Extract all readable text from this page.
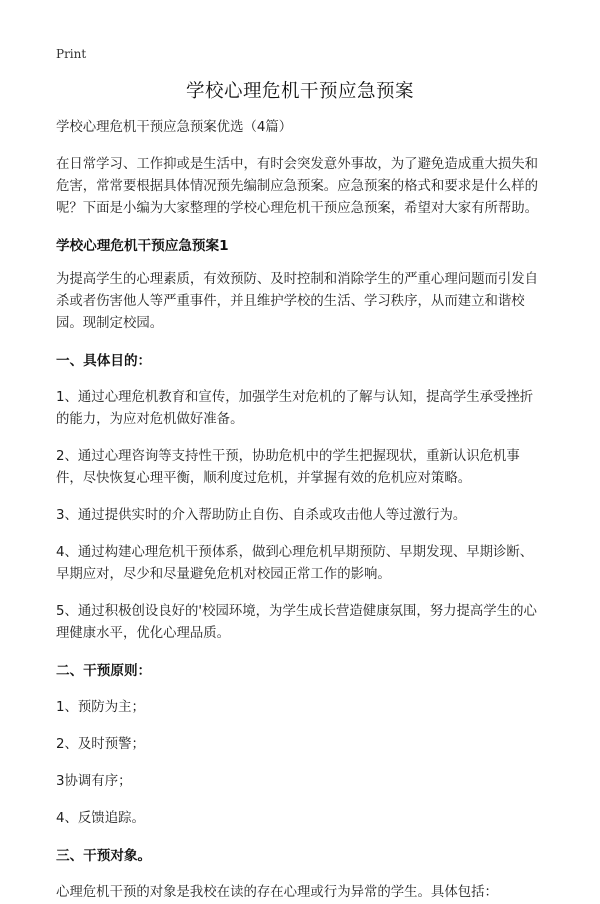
Print
学校心理危机干预应急预案

学校心理危机干预应急预案优选（4篇）

在日常学习、工作抑或是生活中，有时会突发意外事故，为了避免造成重大损失和危害，常常要根据具体情况预先编制应急预案。应急预案的格式和要求是什么样的呢？下面是小编为大家整理的学校心理危机干预应急预案，希望对大家有所帮助。

学校心理危机干预应急预案1

为提高学生的心理素质，有效预防、及时控制和消除学生的严重心理问题而引发自杀或者伤害他人等严重事件，并且维护学校的生活、学习秩序，从而建立和谐校园。现制定校园。

一、具体目的：

1、通过心理危机教育和宣传，加强学生对危机的了解与认知，提高学生承受挫折的能力，为应对危机做好准备。

2、通过心理咨询等支持性干预，协助危机中的学生把握现状，重新认识危机事件，尽快恢复心理平衡，顺利度过危机，并掌握有效的危机应对策略。

3、通过提供实时的介入帮助防止自伤、自杀或攻击他人等过激行为。

4、通过构建心理危机干预体系，做到心理危机早期预防、早期发现、早期诊断、早期应对，尽少和尽量避免危机对校园正常工作的影响。

5、通过积极创设良好的'校园环境，为学生成长营造健康氛围，努力提高学生的心理健康水平，优化心理品质。

二、干预原则：

1、预防为主；

2、及时预警；

3协调有序；

4、反馈追踪。

三、干预对象。

心理危机干预的对象是我校在读的存在心理或行为异常的学生。具体包括：
